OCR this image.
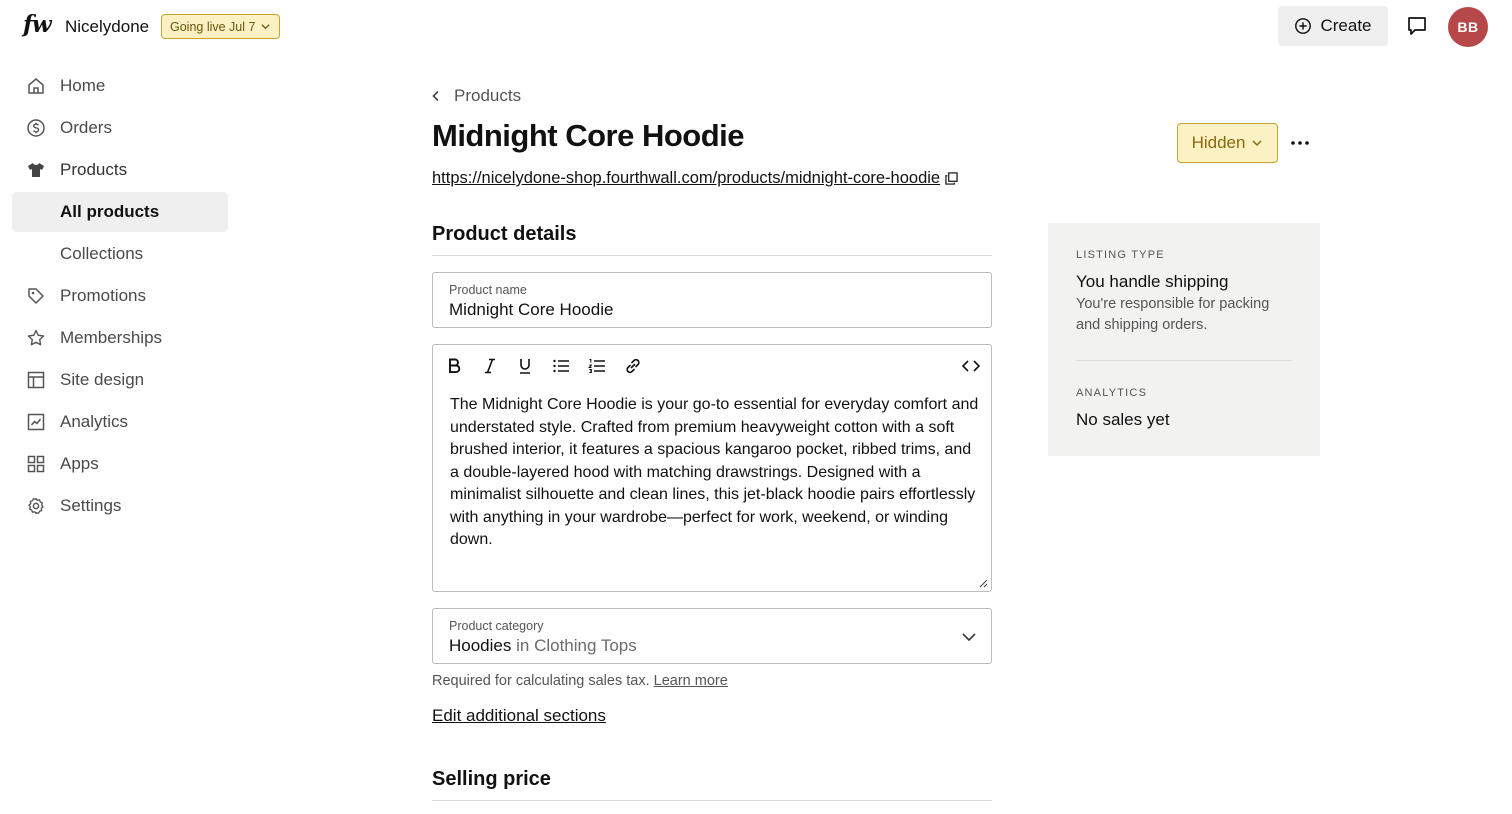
fw Nicelydone Going live Jul 7	Create	BB
Home
Orders
Products
All products
Collections
Promotions
Memberships
Site design
Analytics
Apps
Settings
Products
Midnight Core Hoodie
https://nicelydone-shop.fourthwall.com/products/midnight-core-hoodie
Hidden
Product details
Product name
Midnight Core Hoodie
The Midnight Core Hoodie is your go-to essential for everyday comfort and understated style. Crafted from premium heavyweight cotton with a soft brushed interior, it features a spacious kangaroo pocket, ribbed trims, and a double-layered hood with matching drawstrings. Designed with a minimalist silhouette and clean lines, this jet-black hoodie pairs effortlessly with anything in your wardrobe—perfect for work, weekend, or winding down.
Product category
Hoodies in Clothing Tops
Required for calculating sales tax. Learn more
Edit additional sections
Selling price
LISTING TYPE
You handle shipping

You're responsible for packing and shipping orders.

ANALYTICS
No sales yet
